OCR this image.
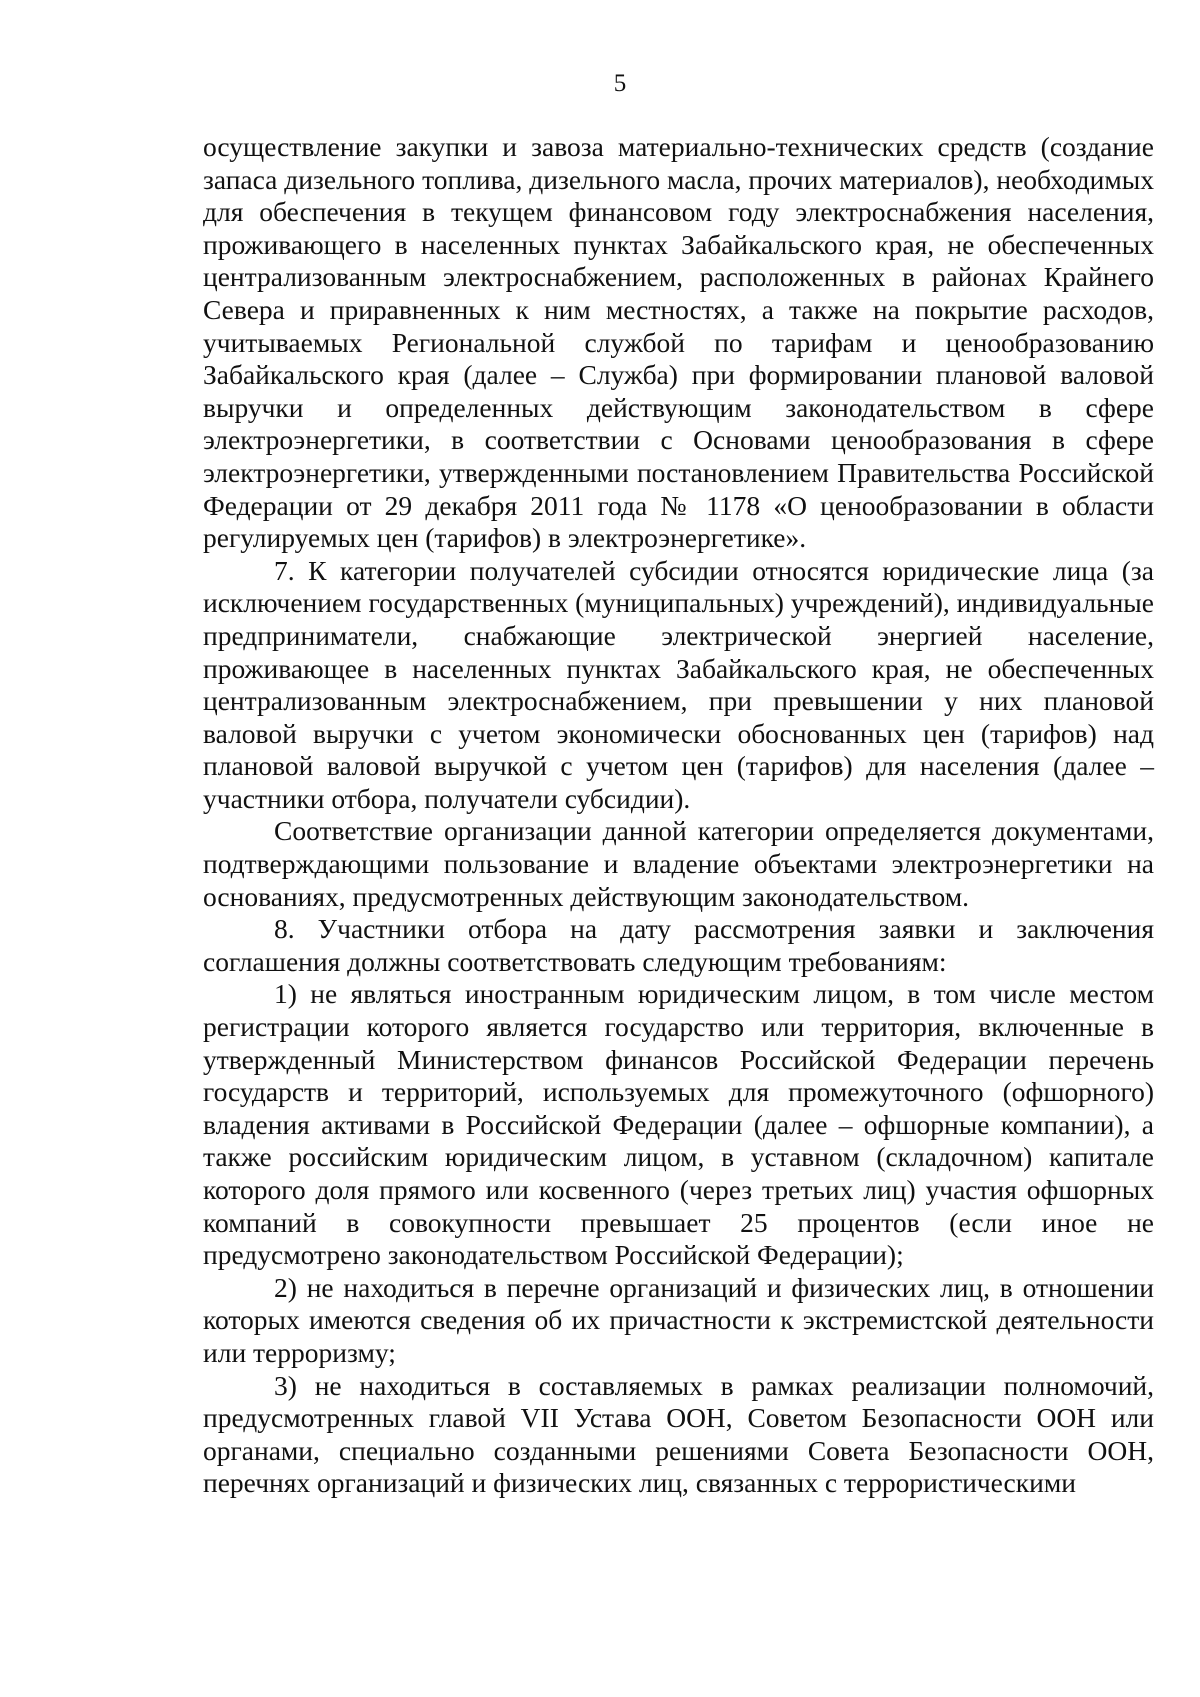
5

осуществление закупки и завоза материально-технических средств (создание запаса дизельного топлива, дизельного масла, прочих материалов), необходимых для обеспечения в текущем финансовом году электроснабжения населения, проживающего в населенных пунктах Забайкальского края, не обеспеченных централизованным электроснабжением, расположенных в районах Крайнего Севера и приравненных к ним местностях, а также на покрытие расходов, учитываемых Региональной службой по тарифам и ценообразованию Забайкальского края (далее – Служба) при формировании плановой валовой выручки и определенных действующим законодательством в сфере электроэнергетики, в соответствии с Основами ценообразования в сфере электроэнергетики, утвержденными постановлением Правительства Российской Федерации от 29 декабря 2011 года № 1178 «О ценообразовании в области регулируемых цен (тарифов) в электроэнергетике».

7. К категории получателей субсидии относятся юридические лица (за исключением государственных (муниципальных) учреждений), индивидуальные предприниматели, снабжающие электрической энергией население, проживающее в населенных пунктах Забайкальского края, не обеспеченных централизованным электроснабжением, при превышении у них плановой валовой выручки с учетом экономически обоснованных цен (тарифов) над плановой валовой выручкой с учетом цен (тарифов) для населения (далее – участники отбора, получатели субсидии).

Соответствие организации данной категории определяется документами, подтверждающими пользование и владение объектами электроэнергетики на основаниях, предусмотренных действующим законодательством.

8. Участники отбора на дату рассмотрения заявки и заключения соглашения должны соответствовать следующим требованиям:

1) не являться иностранным юридическим лицом, в том числе местом регистрации которого является государство или территория, включенные в утвержденный Министерством финансов Российской Федерации перечень государств и территорий, используемых для промежуточного (офшорного) владения активами в Российской Федерации (далее – офшорные компании), а также российским юридическим лицом, в уставном (складочном) капитале которого доля прямого или косвенного (через третьих лиц) участия офшорных компаний в совокупности превышает 25 процентов (если иное не предусмотрено законодательством Российской Федерации);

2) не находиться в перечне организаций и физических лиц, в отношении которых имеются сведения об их причастности к экстремистской деятельности или терроризму;

3) не находиться в составляемых в рамках реализации полномочий, предусмотренных главой VII Устава ООН, Советом Безопасности ООН или органами, специально созданными решениями Совета Безопасности ООН, перечнях организаций и физических лиц, связанных с террористическими
